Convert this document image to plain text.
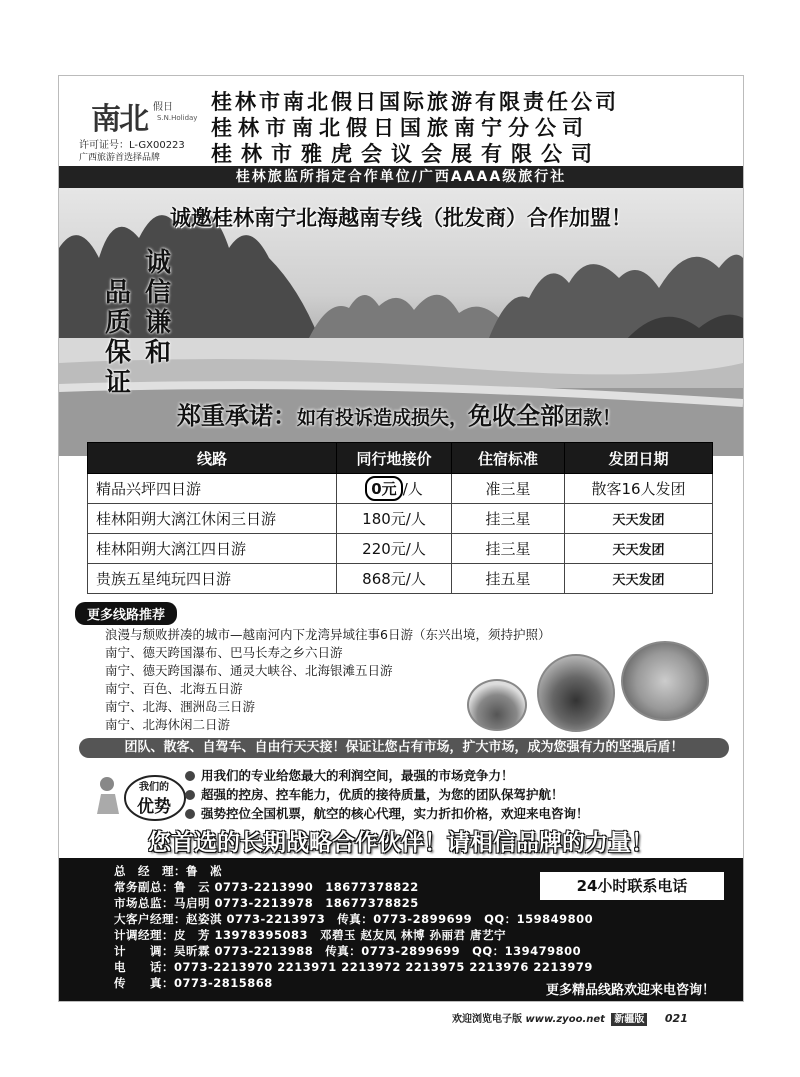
南北 假日
S.N.Holiday
许可证号：L-GX00223
广西旅游首选择品牌
桂林市南北假日国际旅游有限责任公司
桂林市南北假日国旅南宁分公司
桂林市雅虎会议会展有限公司
桂林旅监所指定合作单位/广西AAAA级旅行社
诚邀桂林南宁北海越南专线（批发商）合作加盟！
品
质
保
证
诚
信
谦
和
郑重承诺：如有投诉造成损失，免收全部团款！
线路	同行地接价	住宿标准	发团日期
精品兴坪四日游	0元 /人	准三星	散客16人发团
桂林阳朔大漓江休闲三日游	180元/人	挂三星	天天发团
桂林阳朔大漓江四日游	220元/人	挂三星	天天发团
贵族五星纯玩四日游	868元/人	挂五星	天天发团
更多线路推荐
浪漫与颓败拼凑的城市—越南河内下龙湾异域往事6日游（东兴出境，须持护照）
南宁、德天跨国瀑布、巴马长寿之乡六日游
南宁、德天跨国瀑布、通灵大峡谷、北海银滩五日游
南宁、百色、北海五日游
南宁、北海、涠洲岛三日游
南宁、北海休闲二日游
团队、散客、自驾车、自由行天天接！保证让您占有市场，扩大市场，成为您强有力的坚强后盾！
我们的
优势
用我们的专业给您最大的利润空间，最强的市场竞争力！
超强的控房、控车能力，优质的接待质量，为您的团队保驾护航！
强势控位全国机票，航空的核心代理，实力折扣价格，欢迎来电咨询！
您首选的长期战略合作伙伴！请相信品牌的力量！
总　经　理：鲁　凇
常务副总：鲁　云 0773-2213990　18677378822
市场总监：马启明 0773-2213978　18677378825
大客户经理：赵姿淇 0773-2213973　传真：0773-2899699　QQ：159849800
计调经理：皮　芳 13978395083　邓碧玉 赵友凤 林博 孙丽君 唐艺宁
计　　调：吴昕霖 0773-2213988　传真：0773-2899699　QQ：139479800
电　　话：0773-2213970 2213971 2213972 2213975 2213976 2213979
传　　真：0773-2815868
24小时联系电话
更多精品线路欢迎来电咨询！
欢迎浏览电子版 www.zyoo.net 新疆版 021
